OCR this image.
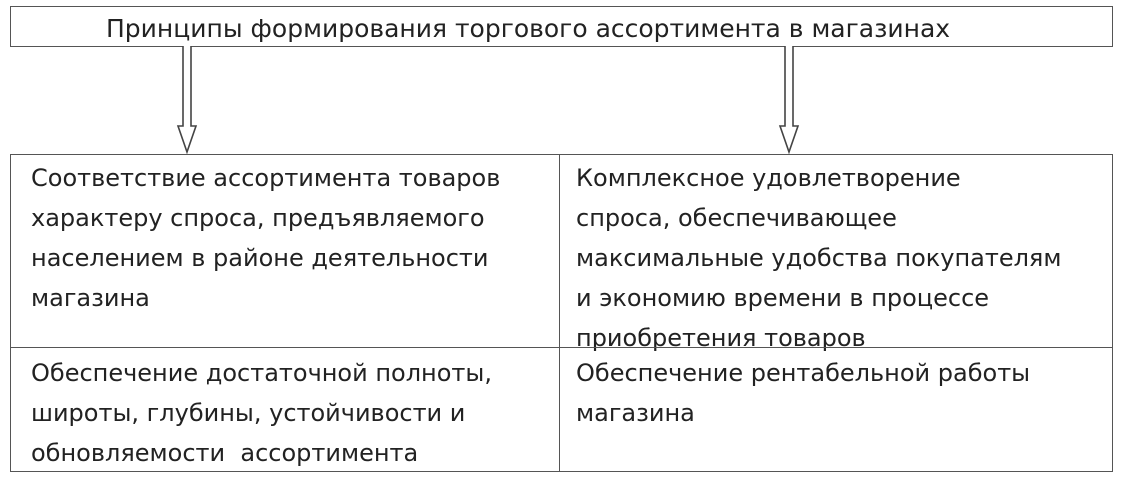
Принципы формирования торгового ассортимента в магазинах
Соответствие ассортимента товаров
характеру спроса, предъявляемого
населением в районе деятельности
магазина
Комплексное удовлетворение
спроса, обеспечивающее
максимальные удобства покупателям
и экономию времени в процессе
приобретения товаров
Обеспечение достаточной полноты,
широты, глубины, устойчивости и
обновляемости  ассортимента
Обеспечение рентабельной работы
магазина
